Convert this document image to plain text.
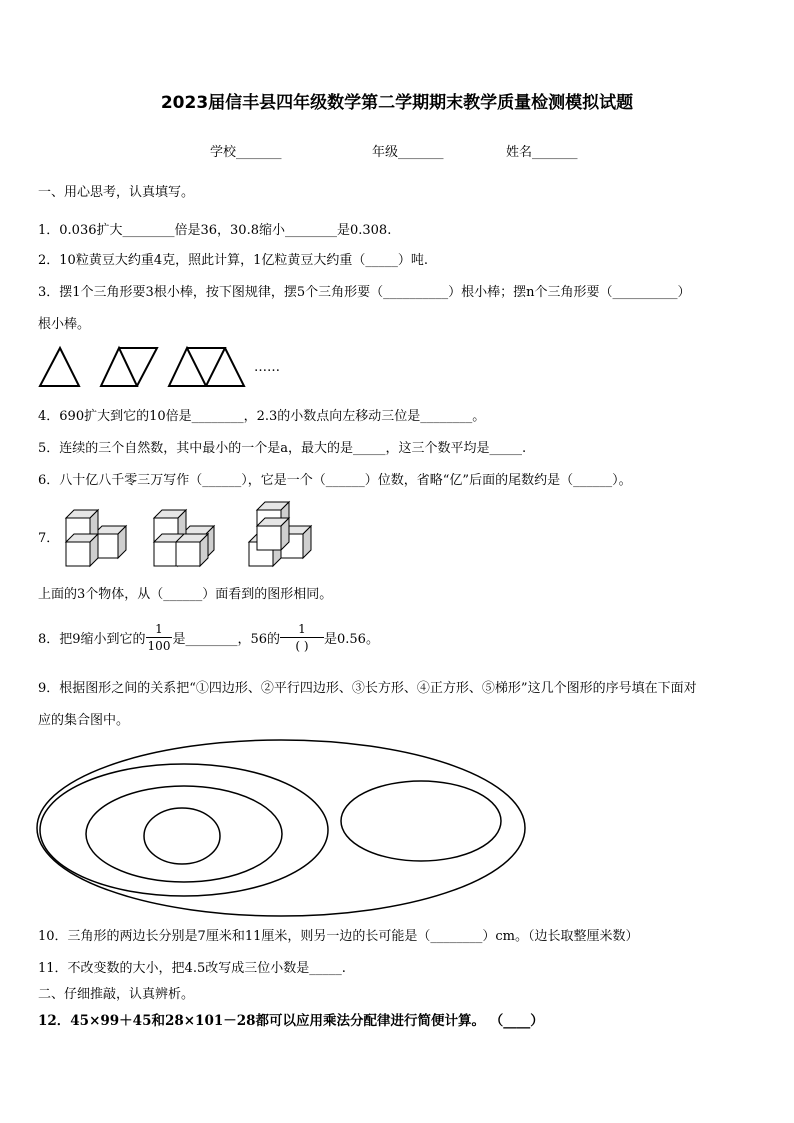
2023届信丰县四年级数学第二学期期末教学质量检测模拟试题
学校_______	年级_______	姓名_______
一、用心思考，认真填写。
1．0.036扩大________倍是36，30.8缩小________是0.308.
2．10粒黄豆大约重4克，照此计算，1亿粒黄豆大约重（_____）吨.
3．摆1个三角形要3根小棒，按下图规律，摆5个三角形要（__________）根小棒；摆n个三角形要（__________）
根小棒。
……
4．690扩大到它的10倍是________，2.3的小数点向左移动三位是________。
5．连续的三个自然数，其中最小的一个是a，最大的是_____，这三个数平均是_____.
6．八十亿八千零三万写作（______），它是一个（______）位数，省略“亿”后面的尾数约是（______）。
7．
上面的3个物体，从（______）面看到的图形相同。
8．把9缩小到它的 $\frac{1}{100}$ 是________，56的 $\frac{1}{( )}$ 是0.56。
9．根据图形之间的关系把“①四边形、②平行四边形、③长方形、④正方形、⑤梯形”这几个图形的序号填在下面对
应的集合图中。
10．三角形的两边长分别是7厘米和11厘米，则另一边的长可能是（________）cm。（边长取整厘米数）
11．不改变数的大小，把4.5改写成三位小数是_____.
二、仔细推敲，认真辨析。
12．45×99＋45和28×101－28都可以应用乘法分配律进行简便计算。 （____）
